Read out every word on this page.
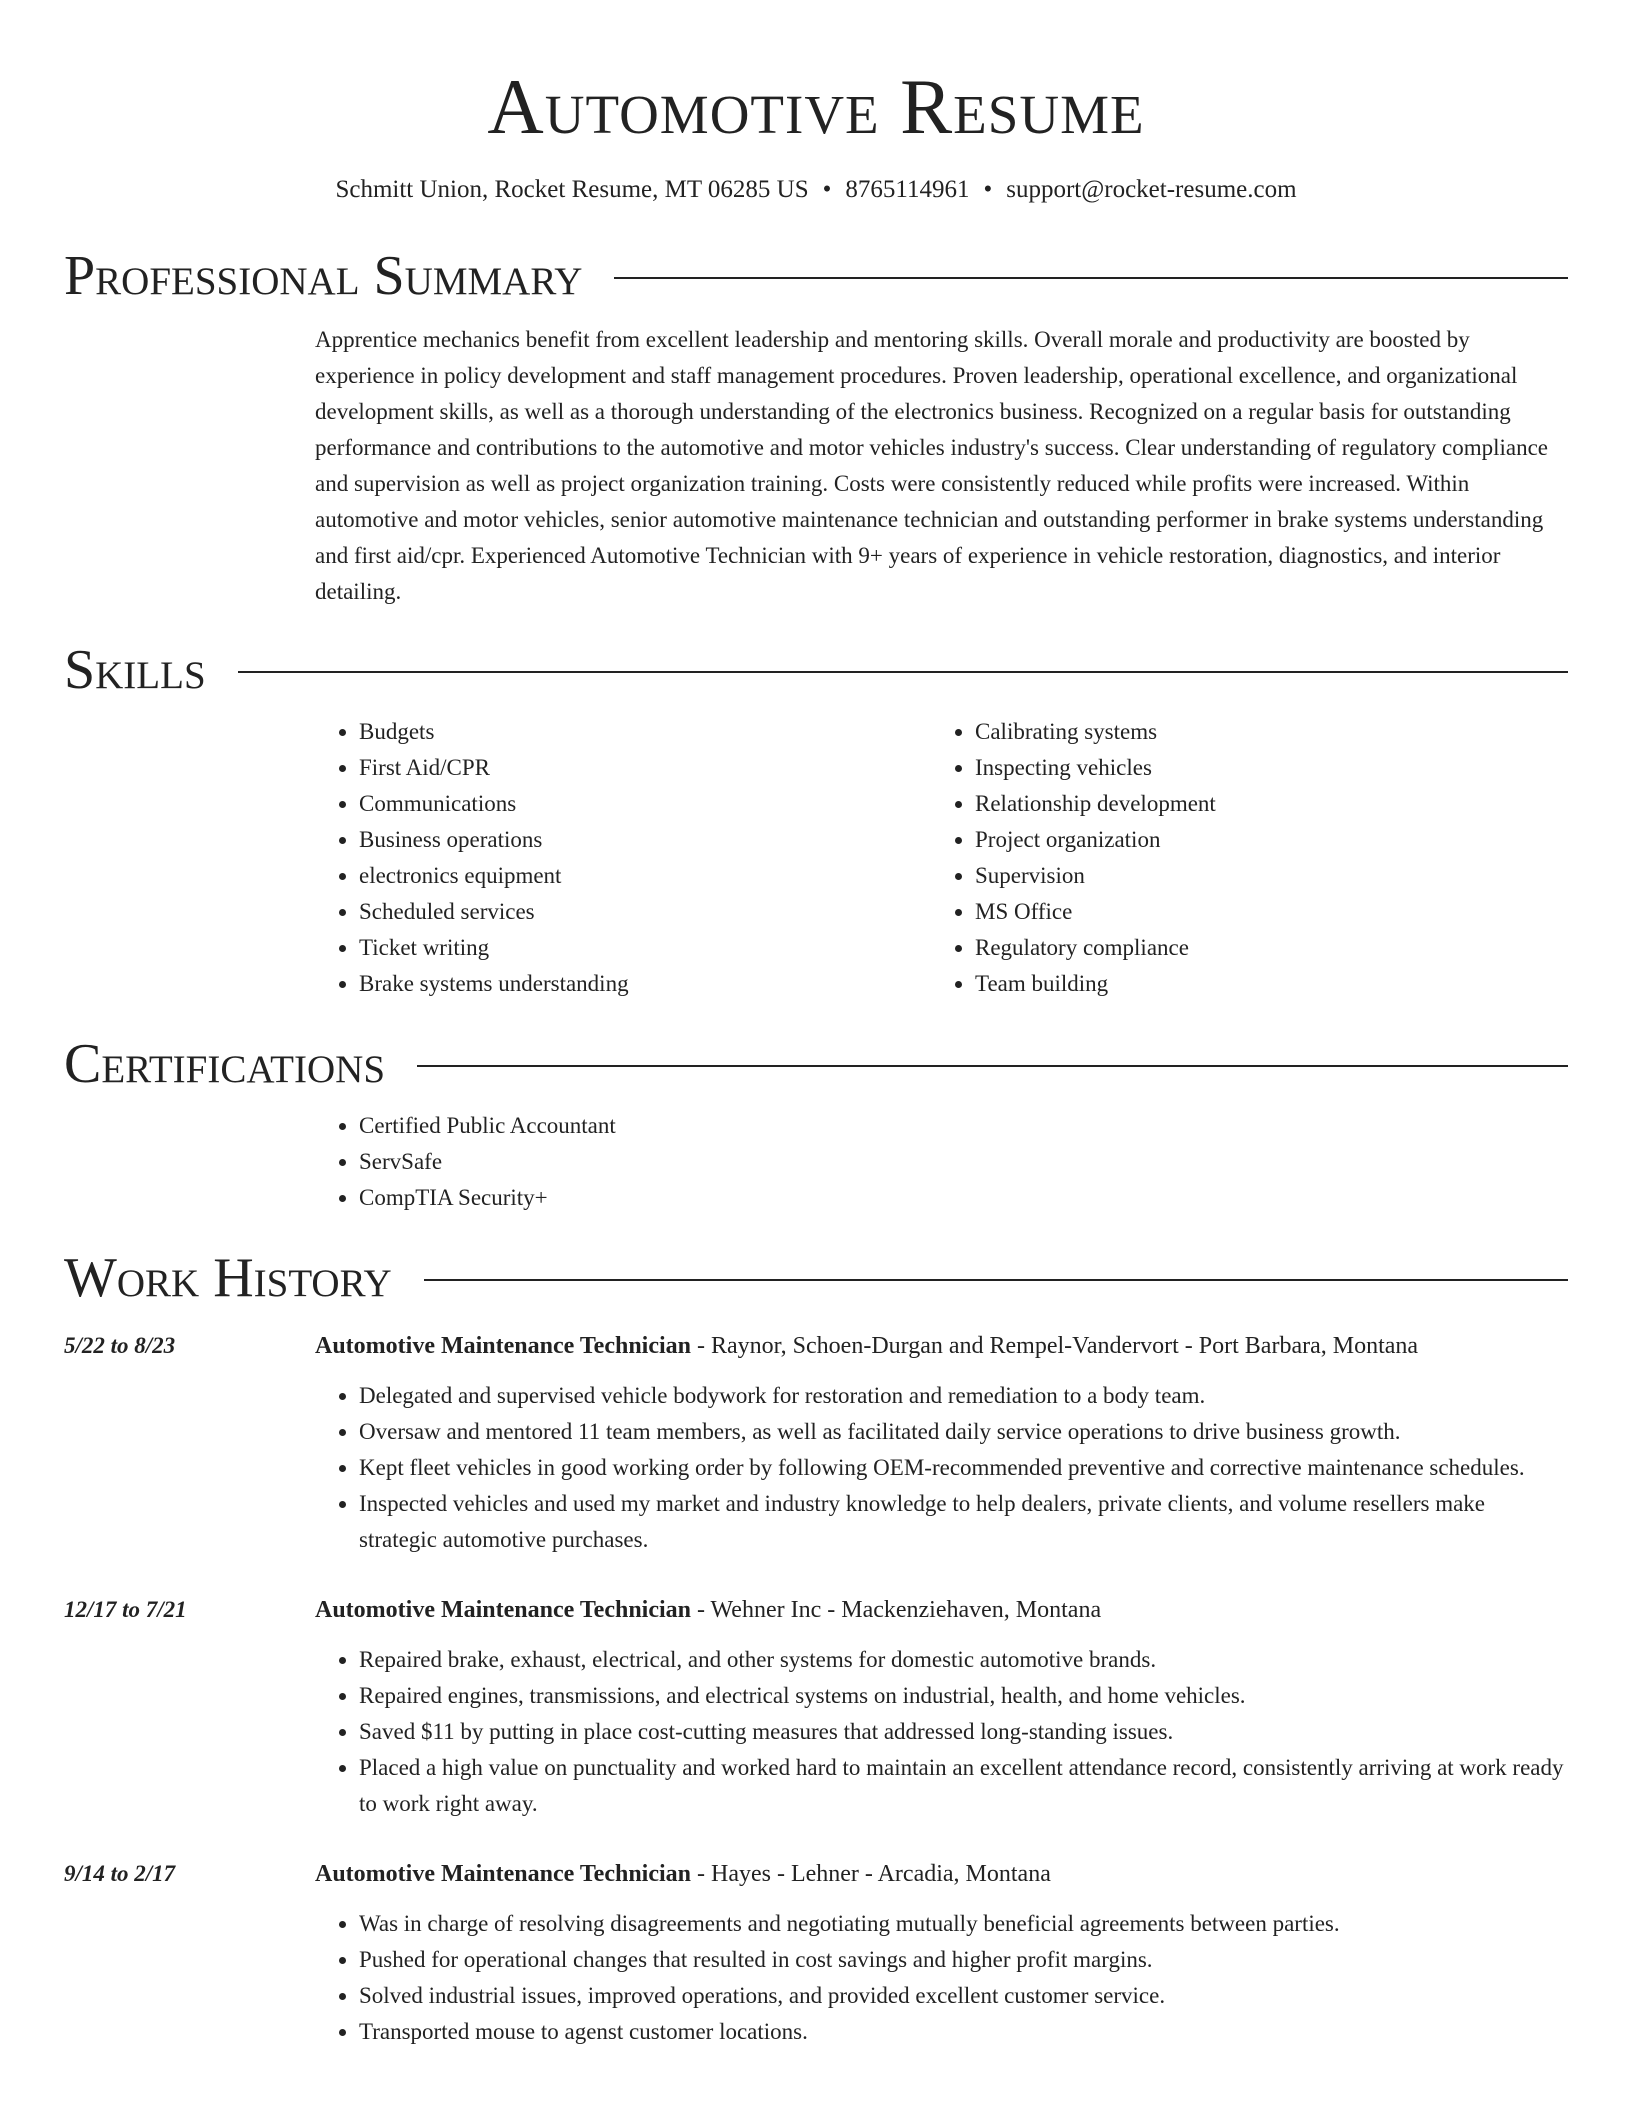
Automotive Resume
Schmitt Union, Rocket Resume, MT 06285 US • 8765114961 • support@rocket-resume.com
Professional Summary

Apprentice mechanics benefit from excellent leadership and mentoring skills. Overall morale and productivity are boosted by experience in policy development and staff management procedures. Proven leadership, operational excellence, and organizational development skills, as well as a thorough understanding of the electronics business. Recognized on a regular basis for outstanding performance and contributions to the automotive and motor vehicles industry's success. Clear understanding of regulatory compliance and supervision as well as project organization training. Costs were consistently reduced while profits were increased. Within automotive and motor vehicles, senior automotive maintenance technician and outstanding performer in brake systems understanding and first aid/cpr. Experienced Automotive Technician with 9+ years of experience in vehicle restoration, diagnostics, and interior detailing.

Skills
• Budgets
• First Aid/CPR
• Communications
• Business operations
• electronics equipment
• Scheduled services
• Ticket writing
• Brake systems understanding
• Calibrating systems
• Inspecting vehicles
• Relationship development
• Project organization
• Supervision
• MS Office
• Regulatory compliance
• Team building
Certifications
• Certified Public Accountant
• ServSafe
• CompTIA Security+
Work History
5/22 to 8/23	Automotive Maintenance Technician - Raynor, Schoen-Durgan and Rempel-Vandervort - Port Barbara, Montana
• Delegated and supervised vehicle bodywork for restoration and remediation to a body team.
• Oversaw and mentored 11 team members, as well as facilitated daily service operations to drive business growth.
• Kept fleet vehicles in good working order by following OEM-recommended preventive and corrective maintenance schedules.
• Inspected vehicles and used my market and industry knowledge to help dealers, private clients, and volume resellers make strategic automotive purchases.
12/17 to 7/21	Automotive Maintenance Technician - Wehner Inc - Mackenziehaven, Montana
• Repaired brake, exhaust, electrical, and other systems for domestic automotive brands.
• Repaired engines, transmissions, and electrical systems on industrial, health, and home vehicles.
• Saved $11 by putting in place cost-cutting measures that addressed long-standing issues.
• Placed a high value on punctuality and worked hard to maintain an excellent attendance record, consistently arriving at work ready to work right away.
9/14 to 2/17	Automotive Maintenance Technician - Hayes - Lehner - Arcadia, Montana
• Was in charge of resolving disagreements and negotiating mutually beneficial agreements between parties.
• Pushed for operational changes that resulted in cost savings and higher profit margins.
• Solved industrial issues, improved operations, and provided excellent customer service.
• Transported mouse to agenst customer locations.
